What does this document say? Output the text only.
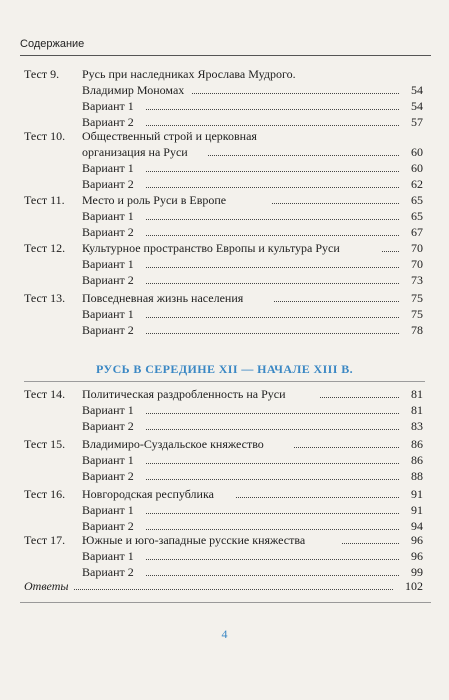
Содержание
Тест 9. Русь при наследниках Ярослава Мудрого.
Владимир Мономах	54
Вариант 1	54
Вариант 2	57
Тест 10. Общественный строй и церковная
организация на Руси	60
Вариант 1	60
Вариант 2	62
Тест 11. Место и роль Руси в Европе	65
Вариант 1	65
Вариант 2	67
Тест 12. Культурное пространство Европы и культура Руси	70
Вариант 1	70
Вариант 2	73
Тест 13. Повседневная жизнь населения	75
Вариант 1	75
Вариант 2	78
Тест 14. Политическая раздробленность на Руси	81
Вариант 1	81
Вариант 2	83
Тест 15. Владимиро-Суздальское княжество	86
Вариант 1	86
Вариант 2	88
Тест 16. Новгородская республика	91
Вариант 1	91
Вариант 2	94
Тест 17. Южные и юго-западные русские княжества	96
Вариант 1	96
Вариант 2	99
Ответы	102
РУСЬ В СЕРЕДИНЕ XII — НАЧАЛЕ XIII В.
4
